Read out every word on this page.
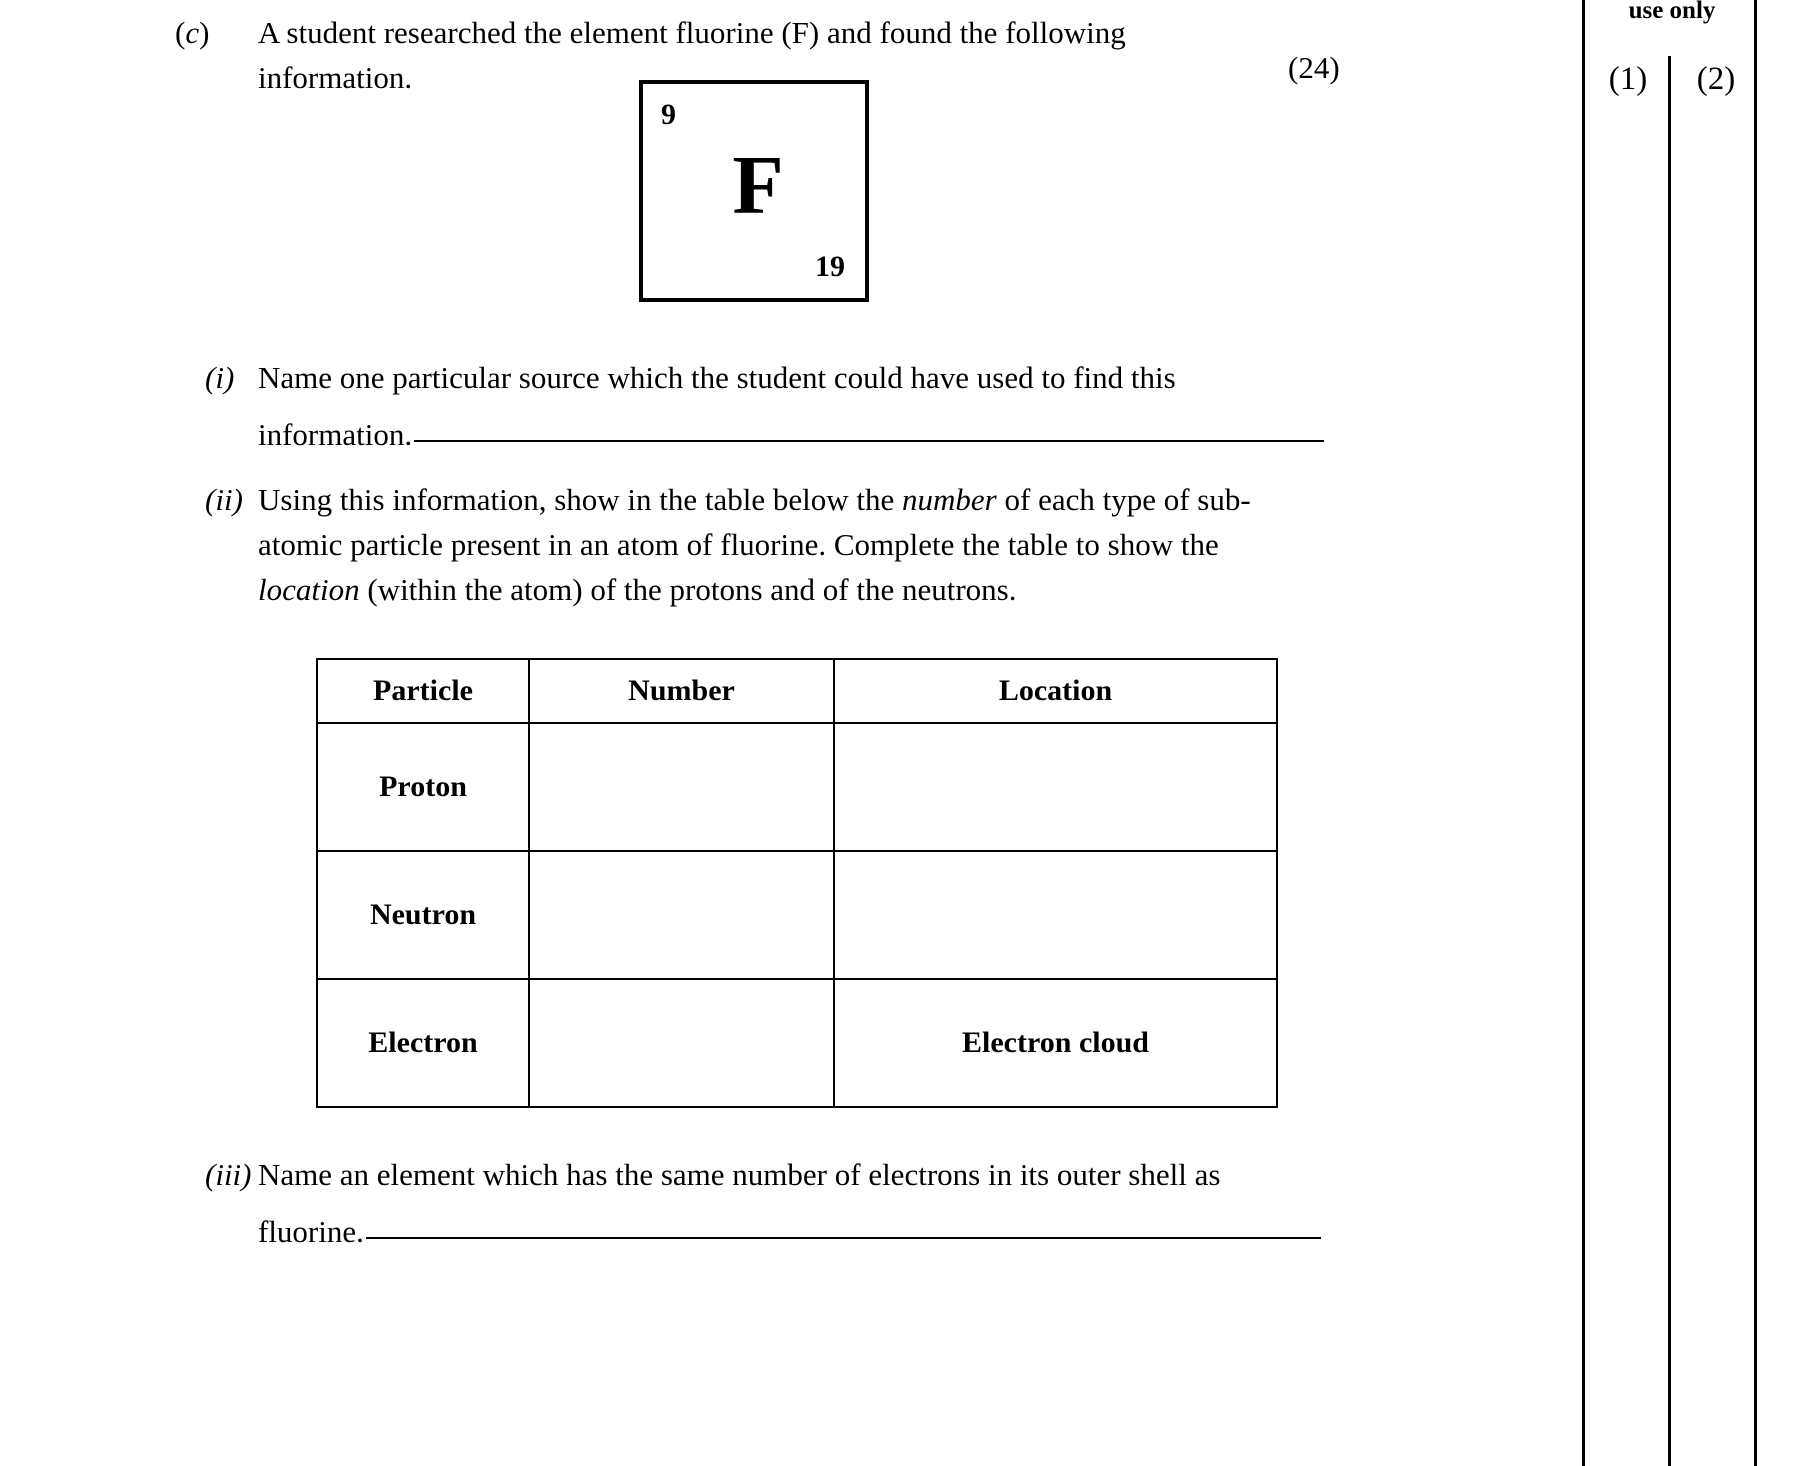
(c) A student researched the element fluorine (F) and found the following information.	(24)
9
F
19
(i) Name one particular source which the student could have used to find this
information.
(ii) Using this information, show in the table below the number of each type of sub-atomic particle present in an atom of fluorine. Complete the table to show the location (within the atom) of the protons and of the neutrons.
Particle	Number	Location
Proton		
Neutron		
Electron		Electron cloud
(iii) Name an element which has the same number of electrons in its outer shell as
fluorine.
use only
(1)	(2)
